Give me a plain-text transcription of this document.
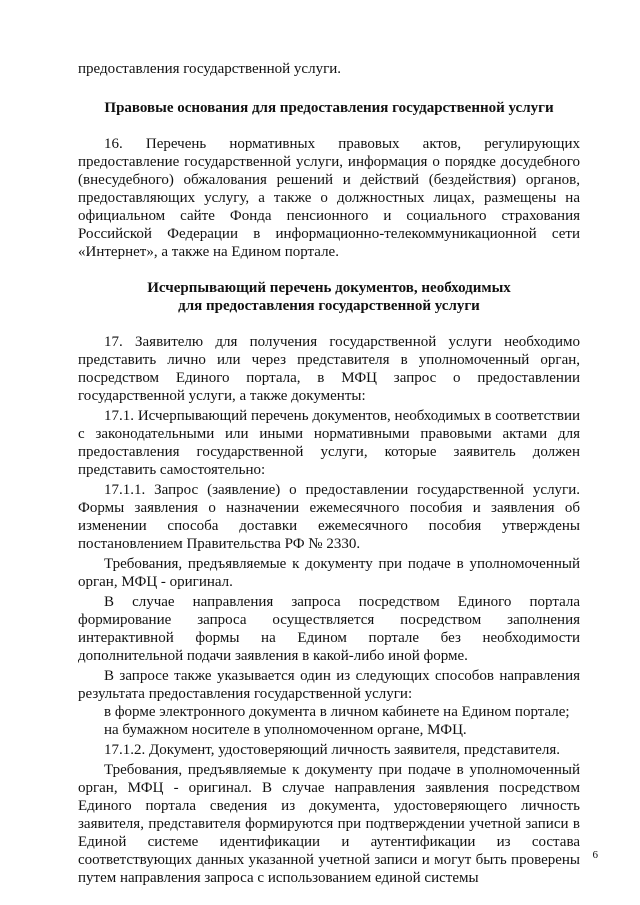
предоставления государственной услуги.

Правовые основания для предоставления государственной услуги

16. Перечень нормативных правовых актов, регулирующих предоставление государственной услуги, информация о порядке досудебного (внесудебного) обжалования решений и действий (бездействия) органов, предоставляющих услугу, а также о должностных лицах, размещены на официальном сайте Фонда пенсионного и социального страхования Российской Федерации в информационно-телекоммуникационной сети «Интернет», а также на Едином портале.

Исчерпывающий перечень документов, необходимых
для предоставления государственной услуги

17. Заявителю для получения государственной услуги необходимо представить лично или через представителя в уполномоченный орган, посредством Единого портала, в МФЦ запрос о предоставлении государственной услуги, а также документы:

17.1. Исчерпывающий перечень документов, необходимых в соответствии с законодательными или иными нормативными правовыми актами для предоставления государственной услуги, которые заявитель должен представить самостоятельно:

17.1.1. Запрос (заявление) о предоставлении государственной услуги. Формы заявления о назначении ежемесячного пособия и заявления об изменении способа доставки ежемесячного пособия утверждены постановлением Правительства РФ № 2330.

Требования, предъявляемые к документу при подаче в уполномоченный орган, МФЦ - оригинал.

В случае направления запроса посредством Единого портала формирование запроса осуществляется посредством заполнения интерактивной формы на Едином портале без необходимости дополнительной подачи заявления в какой-либо иной форме.

В запросе также указывается один из следующих способов направления результата предоставления государственной услуги:

в форме электронного документа в личном кабинете на Едином портале;

на бумажном носителе в уполномоченном органе, МФЦ.

17.1.2. Документ, удостоверяющий личность заявителя, представителя.

Требования, предъявляемые к документу при подаче в уполномоченный орган, МФЦ - оригинал. В случае направления заявления посредством Единого портала сведения из документа, удостоверяющего личность заявителя, представителя формируются при подтверждении учетной записи в Единой системе идентификации и аутентификации из состава соответствующих данных указанной учетной записи и могут быть проверены путем направления запроса с использованием единой системы

6
